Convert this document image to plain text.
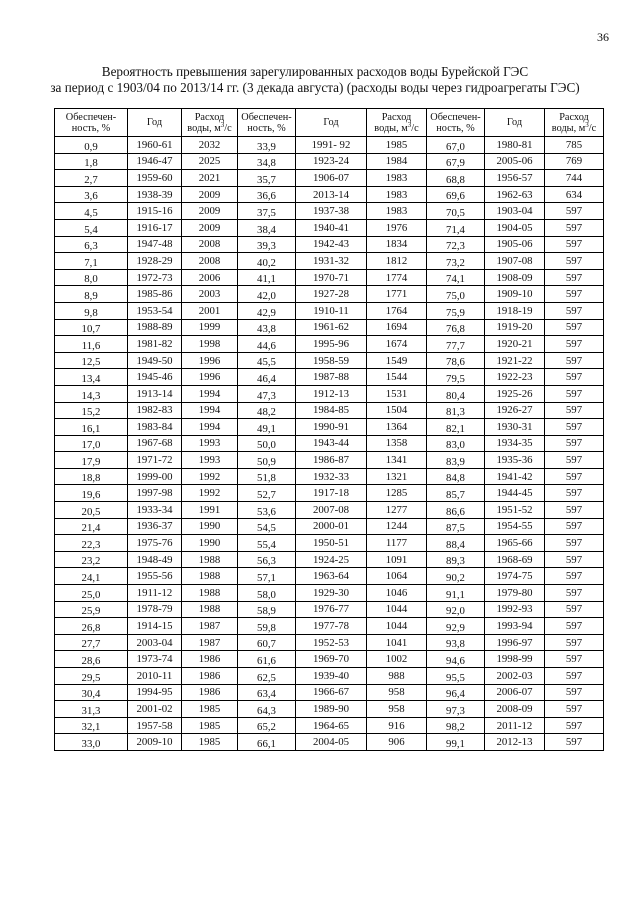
36
Вероятность превышения зарегулированных расходов воды Бурейской ГЭС
за период с 1903/04 по 2013/14 гг. (3 декада августа) (расходы воды через гидроагрегаты ГЭС)
Обеспечен-
ность, %	Год	Расход
воды, $м^3/с$	Обеспечен-
ность, %	Год	Расход
воды, $м^3/с$	Обеспечен-
ность, %	Год	Расход
воды, $м^3/с$
0,9	1960-61	2032	33,9	1991- 92	1985	67,0	1980-81	785
1,8	1946-47	2025	34,8	1923-24	1984	67,9	2005-06	769
2,7	1959-60	2021	35,7	1906-07	1983	68,8	1956-57	744
3,6	1938-39	2009	36,6	2013-14	1983	69,6	1962-63	634
4,5	1915-16	2009	37,5	1937-38	1983	70,5	1903-04	597
5,4	1916-17	2009	38,4	1940-41	1976	71,4	1904-05	597
6,3	1947-48	2008	39,3	1942-43	1834	72,3	1905-06	597
7,1	1928-29	2008	40,2	1931-32	1812	73,2	1907-08	597
8,0	1972-73	2006	41,1	1970-71	1774	74,1	1908-09	597
8,9	1985-86	2003	42,0	1927-28	1771	75,0	1909-10	597
9,8	1953-54	2001	42,9	1910-11	1764	75,9	1918-19	597
10,7	1988-89	1999	43,8	1961-62	1694	76,8	1919-20	597
11,6	1981-82	1998	44,6	1995-96	1674	77,7	1920-21	597
12,5	1949-50	1996	45,5	1958-59	1549	78,6	1921-22	597
13,4	1945-46	1996	46,4	1987-88	1544	79,5	1922-23	597
14,3	1913-14	1994	47,3	1912-13	1531	80,4	1925-26	597
15,2	1982-83	1994	48,2	1984-85	1504	81,3	1926-27	597
16,1	1983-84	1994	49,1	1990-91	1364	82,1	1930-31	597
17,0	1967-68	1993	50,0	1943-44	1358	83,0	1934-35	597
17,9	1971-72	1993	50,9	1986-87	1341	83,9	1935-36	597
18,8	1999-00	1992	51,8	1932-33	1321	84,8	1941-42	597
19,6	1997-98	1992	52,7	1917-18	1285	85,7	1944-45	597
20,5	1933-34	1991	53,6	2007-08	1277	86,6	1951-52	597
21,4	1936-37	1990	54,5	2000-01	1244	87,5	1954-55	597
22,3	1975-76	1990	55,4	1950-51	1177	88,4	1965-66	597
23,2	1948-49	1988	56,3	1924-25	1091	89,3	1968-69	597
24,1	1955-56	1988	57,1	1963-64	1064	90,2	1974-75	597
25,0	1911-12	1988	58,0	1929-30	1046	91,1	1979-80	597
25,9	1978-79	1988	58,9	1976-77	1044	92,0	1992-93	597
26,8	1914-15	1987	59,8	1977-78	1044	92,9	1993-94	597
27,7	2003-04	1987	60,7	1952-53	1041	93,8	1996-97	597
28,6	1973-74	1986	61,6	1969-70	1002	94,6	1998-99	597
29,5	2010-11	1986	62,5	1939-40	988	95,5	2002-03	597
30,4	1994-95	1986	63,4	1966-67	958	96,4	2006-07	597
31,3	2001-02	1985	64,3	1989-90	958	97,3	2008-09	597
32,1	1957-58	1985	65,2	1964-65	916	98,2	2011-12	597
33,0	2009-10	1985	66,1	2004-05	906	99,1	2012-13	597
